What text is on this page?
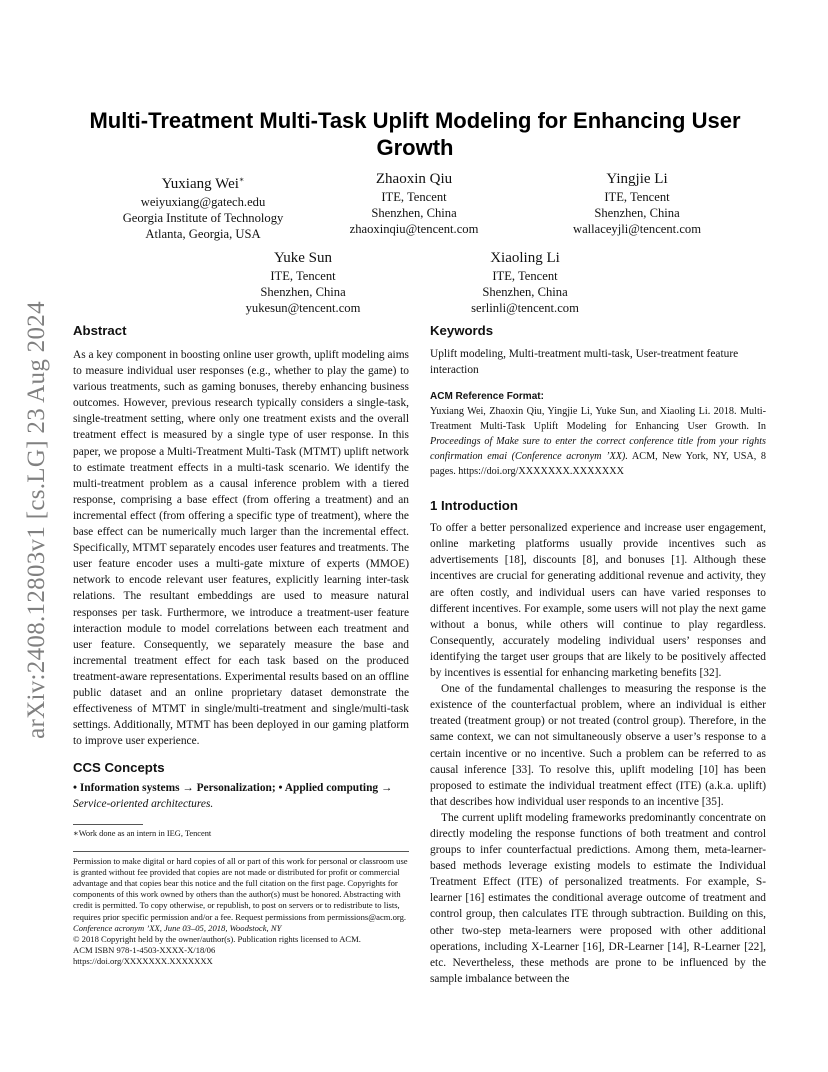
arXiv:2408.12803v1 [cs.LG] 23 Aug 2024
Multi-Treatment Multi-Task Uplift Modeling for Enhancing User Growth
Yuxiang Wei∗
weiyuxiang@gatech.edu
Georgia Institute of Technology
Atlanta, Georgia, USA
Zhaoxin Qiu
ITE, Tencent
Shenzhen, China
zhaoxinqiu@tencent.com
Yingjie Li
ITE, Tencent
Shenzhen, China
wallaceyjli@tencent.com
Yuke Sun
ITE, Tencent
Shenzhen, China
yukesun@tencent.com
Xiaoling Li
ITE, Tencent
Shenzhen, China
serlinli@tencent.com
Abstract

As a key component in boosting online user growth, uplift modeling aims to measure individual user responses (e.g., whether to play the game) to various treatments, such as gaming bonuses, thereby enhancing business outcomes. However, previous research typically considers a single-task, single-treatment setting, where only one treatment exists and the overall treatment effect is measured by a single type of user response. In this paper, we propose a Multi-Treatment Multi-Task (MTMT) uplift network to estimate treatment effects in a multi-task scenario. We identify the multi-treatment problem as a causal inference problem with a tiered response, comprising a base effect (from offering a treatment) and an incremental effect (from offering a specific type of treatment), where the base effect can be numerically much larger than the incremental effect. Specifically, MTMT separately encodes user features and treatments. The user feature encoder uses a multi-gate mixture of experts (MMOE) network to encode relevant user features, explicitly learning inter-task relations. The resultant embeddings are used to measure natural responses per task. Furthermore, we introduce a treatment-user feature interaction module to model correlations between each treatment and user feature. Consequently, we separately measure the base and incremental treatment effect for each task based on the produced treatment-aware representations. Experimental results based on an offline public dataset and an online proprietary dataset demonstrate the effectiveness of MTMT in single/multi-treatment and single/multi-task settings. Additionally, MTMT has been deployed in our gaming platform to improve user experience.

CCS Concepts

• Information systems → Personalization; • Applied computing → Service-oriented architectures.

∗Work done as an intern in IEG, Tencent

Permission to make digital or hard copies of all or part of this work for personal or classroom use is granted without fee provided that copies are not made or distributed for profit or commercial advantage and that copies bear this notice and the full citation on the first page. Copyrights for components of this work owned by others than the author(s) must be honored. Abstracting with credit is permitted. To copy otherwise, or republish, to post on servers or to redistribute to lists, requires prior specific permission and/or a fee. Request permissions from permissions@acm.org.

Conference acronym ’XX, June 03–05, 2018, Woodstock, NY

© 2018 Copyright held by the owner/author(s). Publication rights licensed to ACM.

ACM ISBN 978-1-4503-XXXX-X/18/06

https://doi.org/XXXXXXX.XXXXXXX

Keywords

Uplift modeling, Multi-treatment multi-task, User-treatment feature interaction

ACM Reference Format:

Yuxiang Wei, Zhaoxin Qiu, Yingjie Li, Yuke Sun, and Xiaoling Li. 2018. Multi-Treatment Multi-Task Uplift Modeling for Enhancing User Growth. In Proceedings of Make sure to enter the correct conference title from your rights confirmation emai (Conference acronym ’XX). ACM, New York, NY, USA, 8 pages. https://doi.org/XXXXXXX.XXXXXXX

1 Introduction

To offer a better personalized experience and increase user engagement, online marketing platforms usually provide incentives such as advertisements [18], discounts [8], and bonuses [1]. Although these incentives are crucial for generating additional revenue and activity, they are often costly, and individual users can have varied responses to different incentives. For example, some users will not play the next game without a bonus, while others will continue to play regardless. Consequently, accurately modeling individual users’ responses and identifying the target user groups that are likely to be positively affected by incentives is essential for enhancing marketing benefits [32].

One of the fundamental challenges to measuring the response is the existence of the counterfactual problem, where an individual is either treated (treatment group) or not treated (control group). Therefore, in the same context, we can not simultaneously observe a user’s response to a certain incentive or no incentive. Such a problem can be referred to as causal inference [33]. To resolve this, uplift modeling [10] has been proposed to estimate the individual treatment effect (ITE) (a.k.a. uplift) that describes how individual user responds to an incentive [35].

The current uplift modeling frameworks predominantly concentrate on directly modeling the response functions of both treatment and control groups to infer counterfactual predictions. Among them, meta-learner-based methods leverage existing models to estimate the Individual Treatment Effect (ITE) of personalized treatments. For example, S-learner [16] estimates the conditional average outcome of treatment and control group, then calculates ITE through subtraction. Building on this, other two-step meta-learners were proposed with other additional operations, including X-Learner [16], DR-Learner [14], R-Learner [22], etc. Nevertheless, these methods are prone to be influenced by the sample imbalance between the
